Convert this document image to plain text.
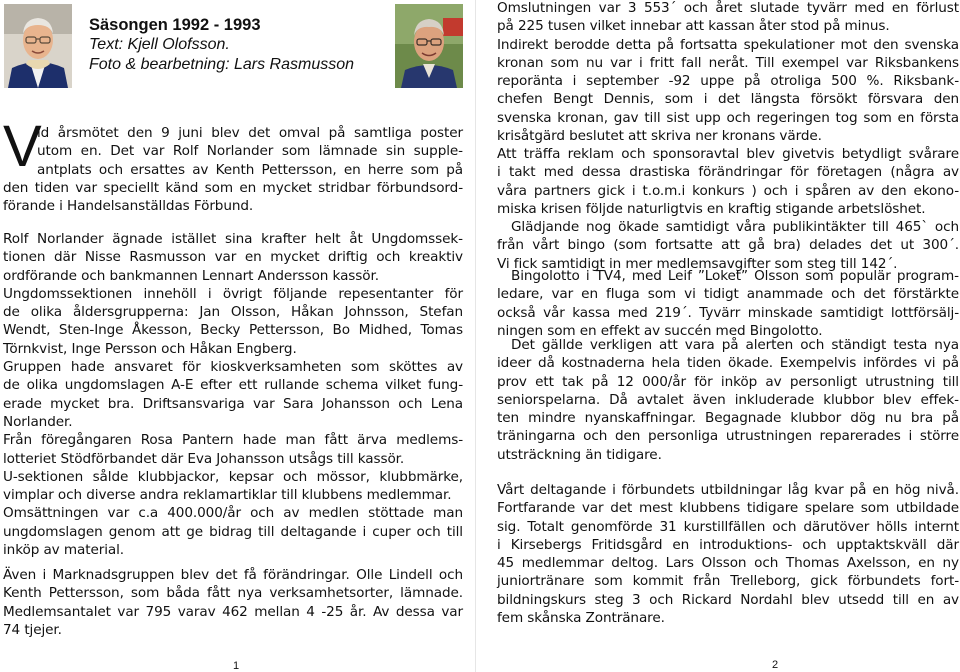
Säsongen 1992 - 1993
Text: Kjell Olofsson.
Foto & bearbetning: Lars Rasmusson
V
id årsmötet den 9 juni blev det omval på samtliga poster
utom en. Det var Rolf Norlander som lämnade sin supple-
antplats och ersattes av Kenth Pettersson, en herre som på
den tiden var speciellt känd som en mycket stridbar förbundsord-
förande i Handelsanställdas Förbund.
Rolf Norlander ägnade istället sina krafter helt åt Ungdomssek-
tionen där Nisse Rasmusson var en mycket driftig och kreaktiv
ordförande och bankmannen Lennart Andersson kassör.
Ungdomssektionen innehöll i övrigt följande repesentanter för
de olika åldersgrupperna: Jan Olsson, Håkan Johnsson, Stefan
Wendt, Sten-Inge Åkesson, Becky Pettersson, Bo Midhed, Tomas
Törnkvist, Inge Persson och Håkan Engberg.
Gruppen hade ansvaret för kioskverksamheten som sköttes av
de olika ungdomslagen A-E efter ett rullande schema vilket fung-
erade mycket bra. Driftsansvariga var Sara Johansson och Lena
Norlander.
Från föregångaren Rosa Pantern hade man fått ärva medlems-
lotteriet Stödförbandet där Eva Johansson utsågs till kassör.
U-sektionen sålde klubbjackor, kepsar och mössor, klubbmärke,
vimplar och diverse andra reklamartiklar till klubbens medlemmar.
Omsättningen var c.a 400.000/år och av medlen stöttade man
ungdomslagen genom att ge bidrag till deltagande i cuper och till
inköp av material.
Även i Marknadsgruppen blev det få förändringar. Olle Lindell och
Kenth Pettersson, som båda fått nya verksamhetsorter, lämnade.
Medlemsantalet var 795 varav 462 mellan 4 -25 år. Av dessa var
74 tjejer.
1
Omslutningen var 3 553´ och året slutade tyvärr med en förlust
på 225 tusen vilket innebar att kassan åter stod på minus.
Indirekt berodde detta på fortsatta spekulationer mot den svenska
kronan som nu var i fritt fall neråt. Till exempel var Riksbankens
reporänta i september -92 uppe på otroliga 500 %. Riksbank-
chefen Bengt Dennis, som i det längsta försökt försvara den
svenska kronan, gav till sist upp och regeringen tog som en första
krisåtgärd beslutet att skriva ner kronans värde.
Att träffa reklam och sponsoravtal blev givetvis betydligt svårare
i takt med dessa drastiska förändringar för företagen (några av
våra partners gick i t.o.m.i konkurs ) och i spåren av den ekono-
miska krisen följde naturligtvis en kraftig stigande arbetslöshet.
Glädjande nog ökade samtidigt våra publikintäkter till 465` och
från vårt bingo (som fortsatte att gå bra) delades det ut 300´.
Vi fick samtidigt in mer medlemsavgifter som steg till 142´.
Bingolotto i TV4, med Leif ”Loket” Olsson som populär program-
ledare, var en fluga som vi tidigt anammade och det förstärkte
också vår kassa med 219´. Tyvärr minskade samtidigt lottförsälj-
ningen som en effekt av succén med Bingolotto.
Det gällde verkligen att vara på alerten och ständigt testa nya
ideer då kostnaderna hela tiden ökade. Exempelvis infördes vi på
prov ett tak på 12 000/år för inköp av personligt utrustning till
seniorspelarna. Då avtalet även inkluderade klubbor blev effek-
ten mindre nyanskaffningar. Begagnade klubbor dög nu bra på
träningarna och den personliga utrustningen reparerades i större
utsträckning än tidigare.
Vårt deltagande i förbundets utbildningar låg kvar på en hög nivå.
Fortfarande var det mest klubbens tidigare spelare som utbildade
sig. Totalt genomförde 31 kurstillfällen och därutöver hölls internt
i Kirsebergs Fritidsgård en introduktions- och upptaktskväll där
45 medlemmar deltog. Lars Olsson och Thomas Axelsson, en ny
juniortränare som kommit från Trelleborg, gick förbundets fort-
bildningskurs steg 3 och Rickard Nordahl blev utsedd till en av
fem skånska Zontränare.
2
